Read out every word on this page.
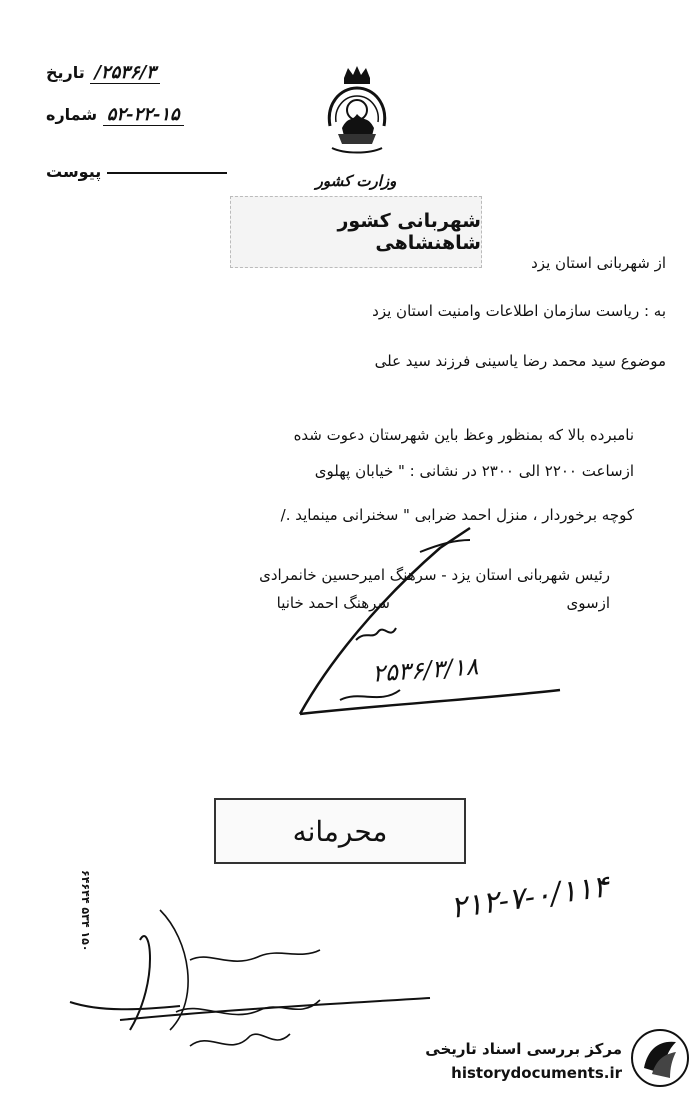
تاریخ ۲۵۳۶/۳/
شماره ۵۲-۲۲-۱۵
پیوست	وزارت کشور
شهربانی کشور شاهنشاهی
از شهربانی استان یزد
به : ریاست سازمان اطلاعات وامنیت استان یزد
موضوع سید محمد رضا یاسینی فرزند سید علی
نامبرده بالا که بمنظور وعظ باین شهرستان دعوت شده
ازساعت ۲۲۰۰ الی ۲۳۰۰ در نشانی : " خیابان پهلوی
کوچه برخوردار ، منزل احمد ضرابی " سخنرانی مینماید ./
رئیس شهربانی استان یزد - سرهنگ امیرحسین خانمرادی
ازسوی
سرهنگ احمد خانیا
۲۵۳۶/۳/۱۸
محرمانه
۶۴۶۴۴ ۵۳۴ ۱۵۰	۲۱۲-۷-۰/۱۱۴
مرکز بررسی اسناد تاریخی
historydocuments.ir
